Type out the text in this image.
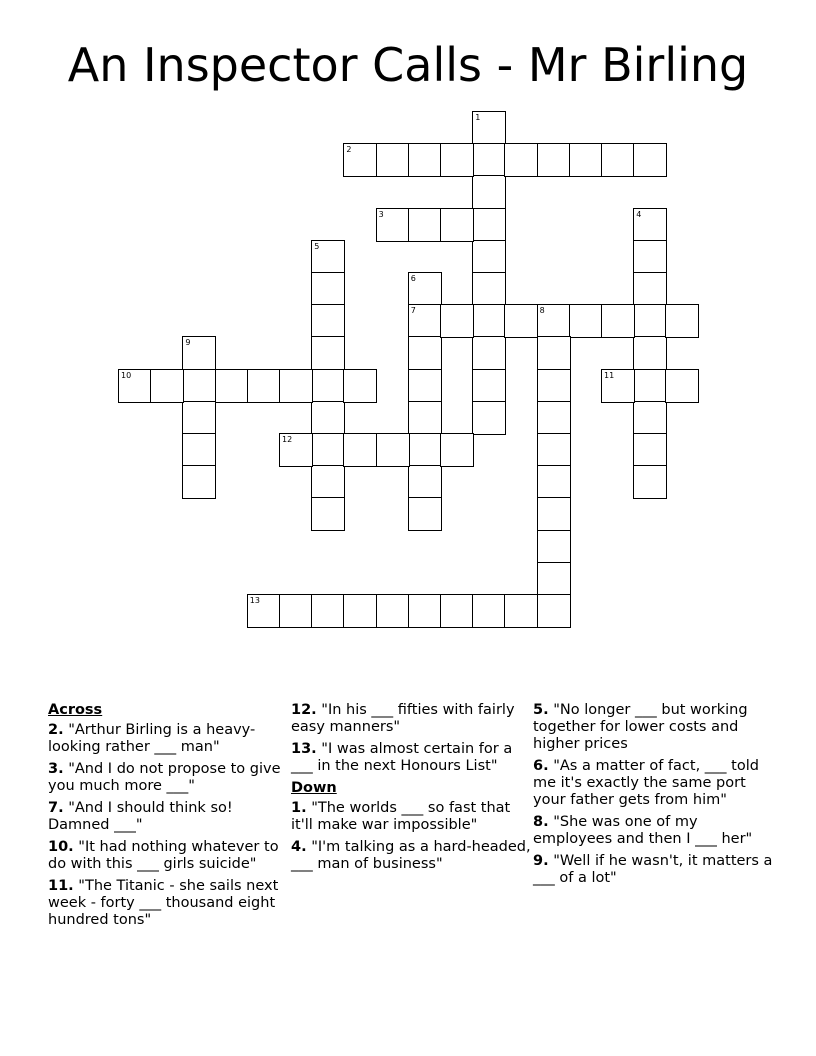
An Inspector Calls - Mr Birling
1
2
3	4
5
6
7	8
9
10	11
12
13
Across
2. "Arthur Birling is a heavy-looking rather ___ man"
3. "And I do not propose to give you much more ___"
7. "And I should think so! Damned ___"
10. "It had nothing whatever to do with this ___ girls suicide"
11. "The Titanic - she sails next week - forty ___ thousand eight hundred tons"
12. "In his ___ fifties with fairly easy manners"
13. "I was almost certain for a ___ in the next Honours List"
Down
1. "The worlds ___ so fast that it'll make war impossible"
4. "I'm talking as a hard-headed, ___ man of business"
5. "No longer ___ but working together for lower costs and higher prices
6. "As a matter of fact, ___ told me it's exactly the same port your father gets from him"
8. "She was one of my employees and then I ___ her"
9. "Well if he wasn't, it matters a ___ of a lot"
